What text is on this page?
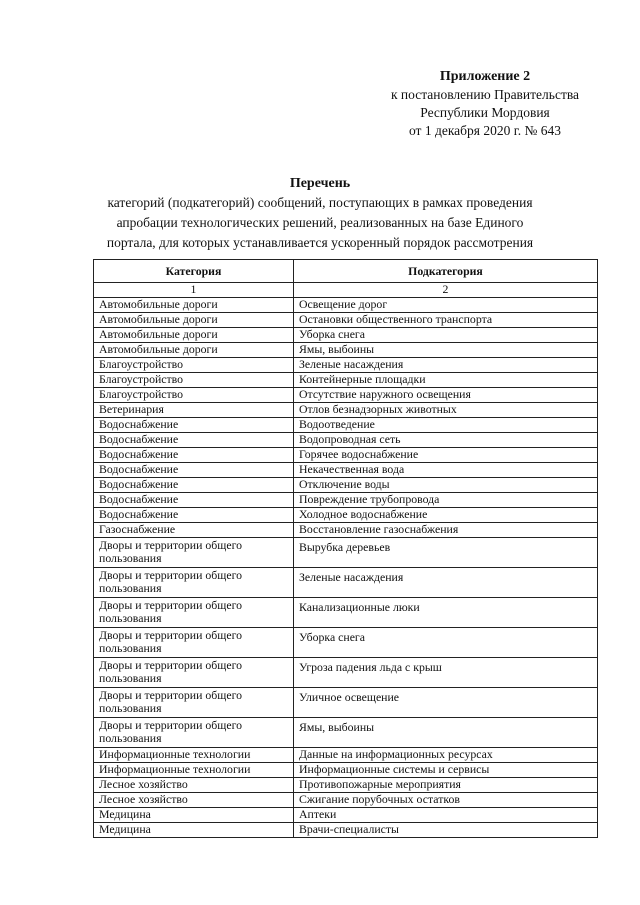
Приложение 2
к постановлению Правительства
Республики Мордовия
от 1 декабря 2020 г. № 643
Перечень
категорий (подкатегорий) сообщений, поступающих в рамках проведения
апробации технологических решений, реализованных на базе Единого
портала, для которых устанавливается ускоренный порядок рассмотрения
Категория	Подкатегория
1	2
Автомобильные дороги	Освещение дорог
Автомобильные дороги	Остановки общественного транспорта
Автомобильные дороги	Уборка снега
Автомобильные дороги	Ямы, выбоины
Благоустройство	Зеленые насаждения
Благоустройство	Контейнерные площадки
Благоустройство	Отсутствие наружного освещения
Ветеринария	Отлов безнадзорных животных
Водоснабжение	Водоотведение
Водоснабжение	Водопроводная сеть
Водоснабжение	Горячее водоснабжение
Водоснабжение	Некачественная вода
Водоснабжение	Отключение воды
Водоснабжение	Повреждение трубопровода
Водоснабжение	Холодное водоснабжение
Газоснабжение	Восстановление газоснабжения
Дворы и территории общего пользования	Вырубка деревьев
Дворы и территории общего пользования	Зеленые насаждения
Дворы и территории общего пользования	Канализационные люки
Дворы и территории общего пользования	Уборка снега
Дворы и территории общего пользования	Угроза падения льда с крыш
Дворы и территории общего пользования	Уличное освещение
Дворы и территории общего пользования	Ямы, выбоины
Информационные технологии	Данные на информационных ресурсах
Информационные технологии	Информационные системы и сервисы
Лесное хозяйство	Противопожарные мероприятия
Лесное хозяйство	Сжигание порубочных остатков
Медицина	Аптеки
Медицина	Врачи-специалисты
